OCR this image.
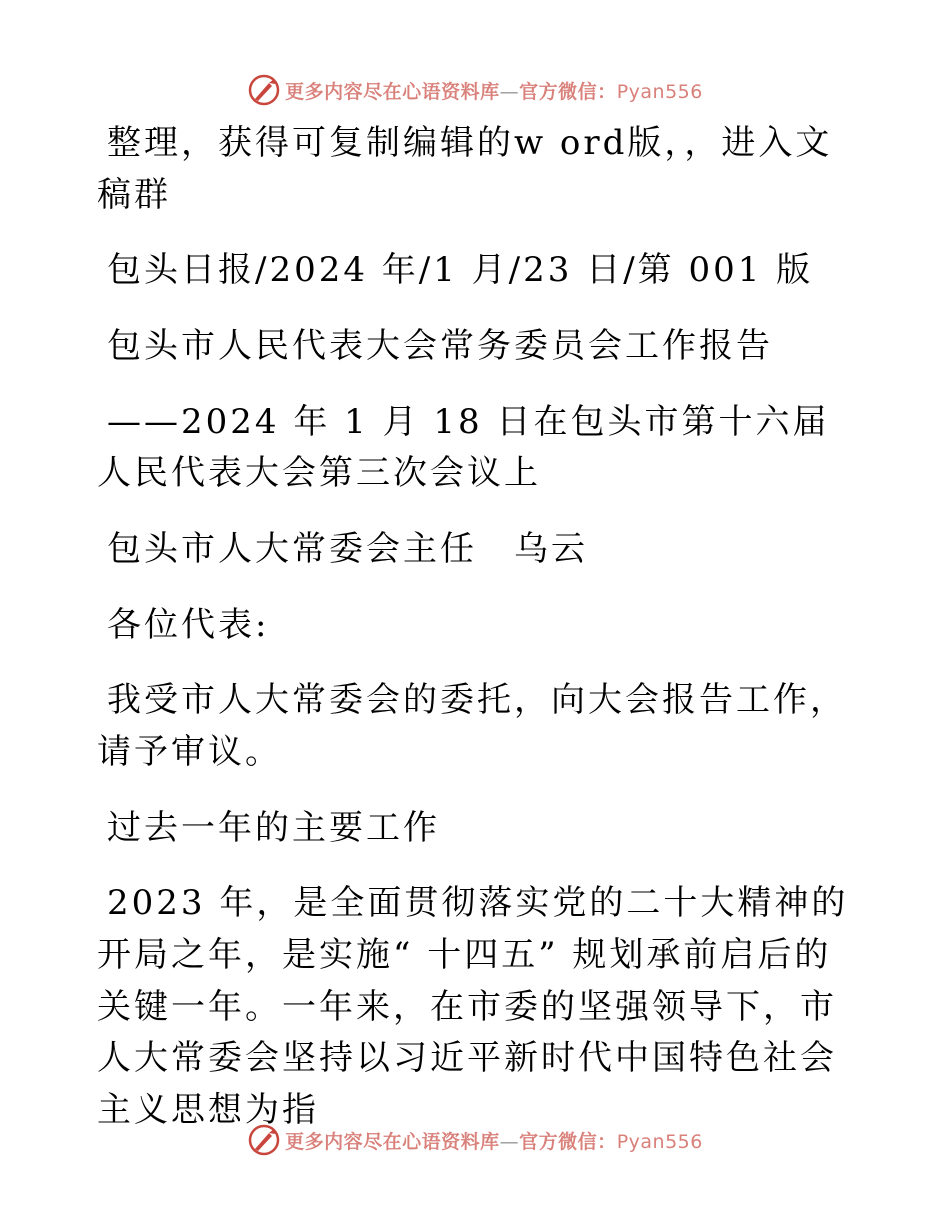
更多内容尽在心语资料库—官方微信：Pyan556

整理，获得可复制编辑的w ord版，，进入文稿群

包头日报/2024 年/1 月/23 日/第 001 版

包头市人民代表大会常务委员会工作报告

——2024 年 1 月 18 日在包头市第十六届人民代表大会第三次会议上

包头市人大常委会主任　乌云

各位代表:

我受市人大常委会的委托，向大会报告工作，请予审议。

过去一年的主要工作

2023 年，是全面贯彻落实党的二十大精神的开局之年，是实施“ 十四五” 规划承前启后的关键一年。一年来，在市委的坚强领导下，市人大常委会坚持以习近平新时代中国特色社会主义思想为指

更多内容尽在心语资料库—官方微信：Pyan556
